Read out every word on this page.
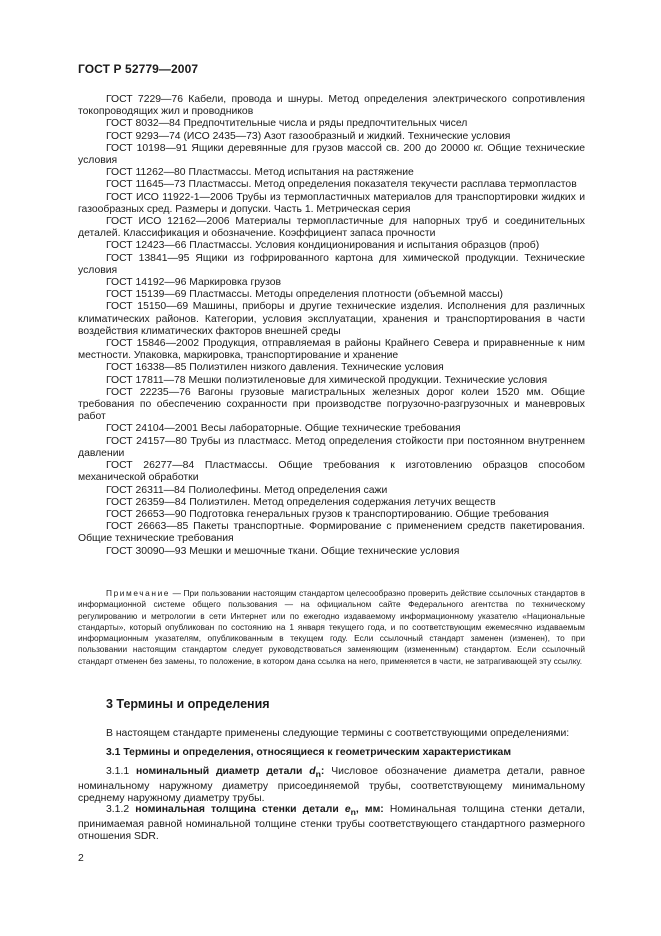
ГОСТ Р 52779—2007

ГОСТ 7229—76 Кабели, провода и шнуры. Метод определения электрического сопротивления токопроводящих жил и проводников

ГОСТ 8032—84 Предпочтительные числа и ряды предпочтительных чисел

ГОСТ 9293—74 (ИСО 2435—73) Азот газообразный и жидкий. Технические условия

ГОСТ 10198—91 Ящики деревянные для грузов массой св. 200 до 20000 кг. Общие технические условия

ГОСТ 11262—80 Пластмассы. Метод испытания на растяжение

ГОСТ 11645—73 Пластмассы. Метод определения показателя текучести расплава термопластов

ГОСТ ИСО 11922-1—2006 Трубы из термопластичных материалов для транспортировки жидких и газообразных сред. Размеры и допуски. Часть 1. Метрическая серия

ГОСТ ИСО 12162—2006 Материалы термопластичные для напорных труб и соединительных деталей. Классификация и обозначение. Коэффициент запаса прочности

ГОСТ 12423—66 Пластмассы. Условия кондиционирования и испытания образцов (проб)

ГОСТ 13841—95 Ящики из гофрированного картона для химической продукции. Технические условия

ГОСТ 14192—96 Маркировка грузов

ГОСТ 15139—69 Пластмассы. Методы определения плотности (объемной массы)

ГОСТ 15150—69 Машины, приборы и другие технические изделия. Исполнения для различных климатических районов. Категории, условия эксплуатации, хранения и транспортирования в части воздействия климатических факторов внешней среды

ГОСТ 15846—2002 Продукция, отправляемая в районы Крайнего Севера и приравненные к ним местности. Упаковка, маркировка, транспортирование и хранение

ГОСТ 16338—85 Полиэтилен низкого давления. Технические условия

ГОСТ 17811—78 Мешки полиэтиленовые для химической продукции. Технические условия

ГОСТ 22235—76 Вагоны грузовые магистральных железных дорог колеи 1520 мм. Общие требования по обеспечению сохранности при производстве погрузочно-разгрузочных и маневровых работ

ГОСТ 24104—2001 Весы лабораторные. Общие технические требования

ГОСТ 24157—80 Трубы из пластмасс. Метод определения стойкости при постоянном внутреннем давлении

ГОСТ 26277—84 Пластмассы. Общие требования к изготовлению образцов способом механической обработки

ГОСТ 26311—84 Полиолефины. Метод определения сажи

ГОСТ 26359—84 Полиэтилен. Метод определения содержания летучих веществ

ГОСТ 26653—90 Подготовка генеральных грузов к транспортированию. Общие требования

ГОСТ 26663—85 Пакеты транспортные. Формирование с применением средств пакетирования. Общие технические требования

ГОСТ 30090—93 Мешки и мешочные ткани. Общие технические условия

Примечание — При пользовании настоящим стандартом целесообразно проверить действие ссылочных стандартов в информационной системе общего пользования — на официальном сайте Федерального агентства по техническому регулированию и метрологии в сети Интернет или по ежегодно издаваемому информационному указателю «Национальные стандарты», который опубликован по состоянию на 1 января текущего года, и по соответствующим ежемесячно издаваемым информационным указателям, опубликованным в текущем году. Если ссылочный стандарт заменен (изменен), то при пользовании настоящим стандартом следует руководствоваться заменяющим (измененным) стандартом. Если ссылочный стандарт отменен без замены, то положение, в котором дана ссылка на него, применяется в части, не затрагивающей эту ссылку.

3 Термины и определения

В настоящем стандарте применены следующие термины с соответствующими определениями:

3.1 Термины и определения, относящиеся к геометрическим характеристикам

3.1.1 номинальный диаметр детали $d_n$: Числовое обозначение диаметра детали, равное номинальному наружному диаметру присоединяемой трубы, соответствующему минимальному среднему наружному диаметру трубы.

3.1.2 номинальная толщина стенки детали $e_n$, мм: Номинальная толщина стенки детали, принимаемая равной номинальной толщине стенки трубы соответствующего стандартного размерного отношения SDR.

2
